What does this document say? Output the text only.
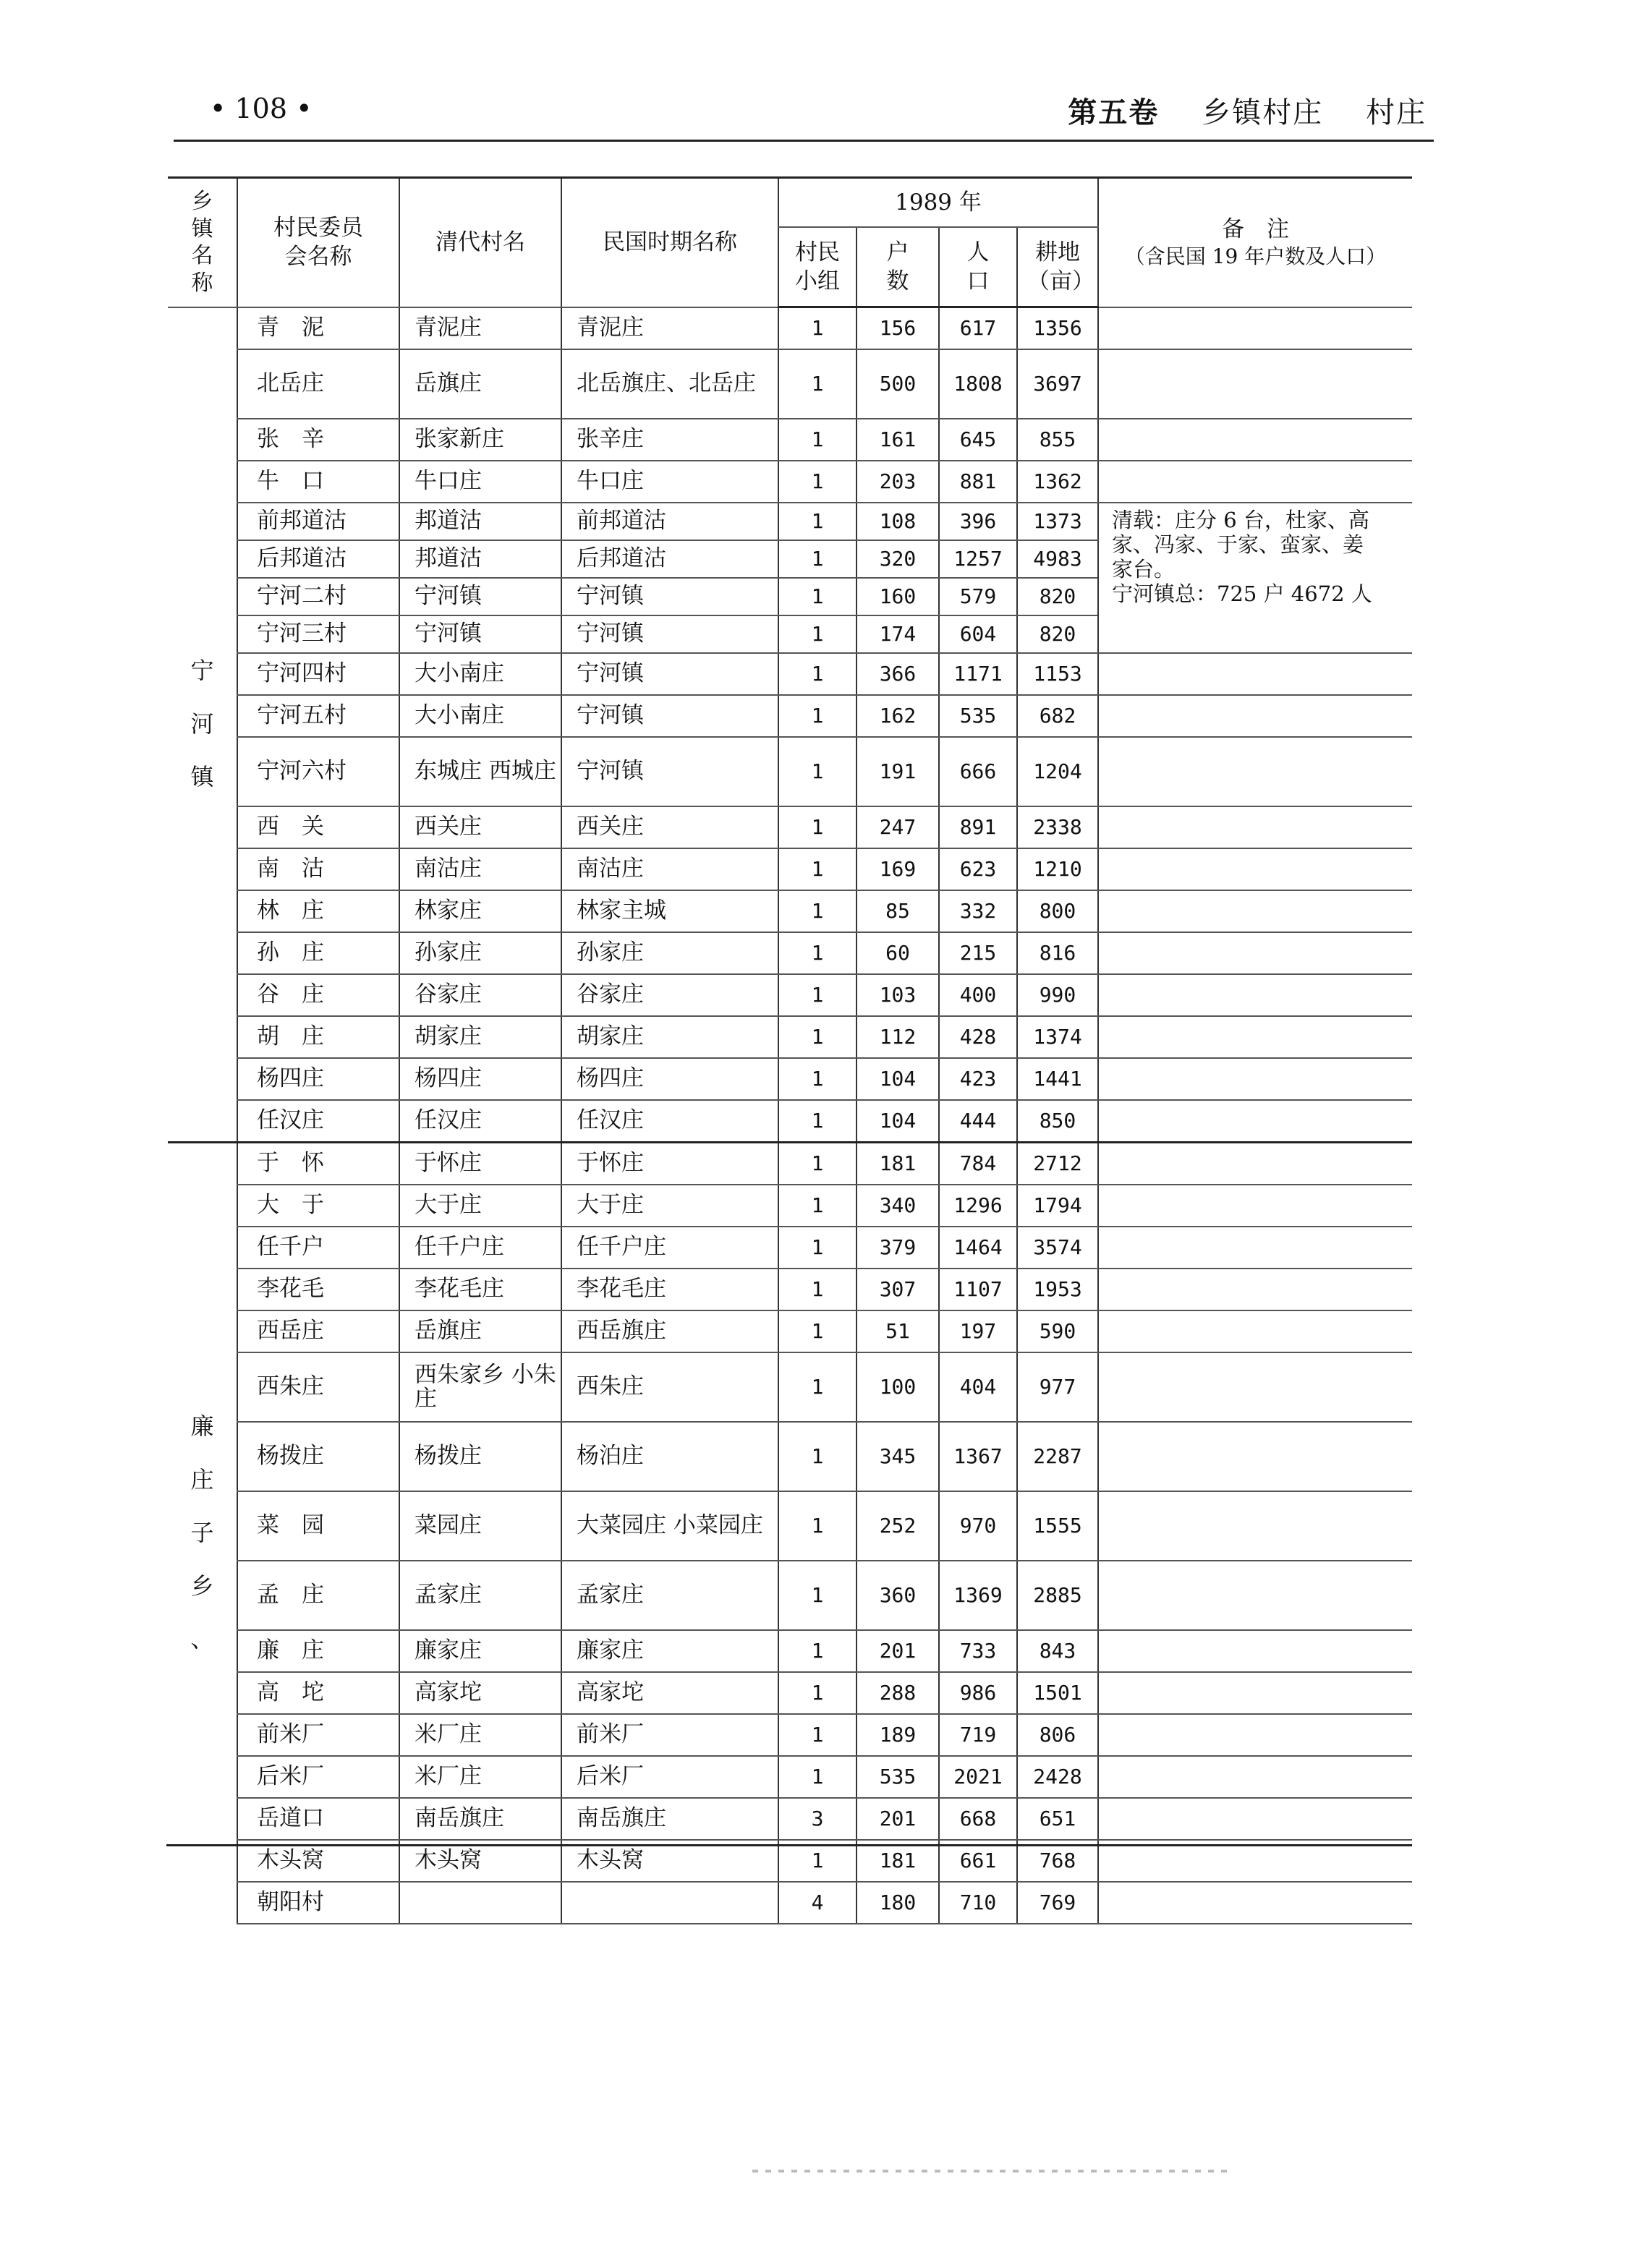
• 108 •	第五卷 乡镇村庄 村庄
乡镇名称	村民委员会名称	清代村名	民国时期名称	1989 年				备　注
（含民国 19 年户数及人口）

				村民小组	户数	人口	耕地（亩）	

宁
河
镇	青　泥	青泥庄	青泥庄	1	156	617	1356	
	北岳庄	岳旗庄	北岳旗庄、北岳庄	1	500	1808	3697	
	张　辛	张家新庄	张辛庄	1	161	645	855	
	牛　口	牛口庄	牛口庄	1	203	881	1362	
	前邦道沽	邦道沽	前邦道沽	1	108	396	1373	清载：庄分 6 台，杜家、高
家、冯家、于家、蛮家、姜
家台。
宁河镇总：725 户 4672 人

	后邦道沽	邦道沽	后邦道沽	1	320	1257	4983	
	宁河二村	宁河镇	宁河镇	1	160	579	820	
	宁河三村	宁河镇	宁河镇	1	174	604	820	
	宁河四村	大小南庄	宁河镇	1	366	1171	1153	
	宁河五村	大小南庄	宁河镇	1	162	535	682	
	宁河六村	东城庄 西城庄	宁河镇	1	191	666	1204	
	西　关	西关庄	西关庄	1	247	891	2338	
	南　沽	南沽庄	南沽庄	1	169	623	1210	
	林　庄	林家庄	林家主城	1	85	332	800	
	孙　庄	孙家庄	孙家庄	1	60	215	816	
	谷　庄	谷家庄	谷家庄	1	103	400	990	
	胡　庄	胡家庄	胡家庄	1	112	428	1374	
	杨四庄	杨四庄	杨四庄	1	104	423	1441	
	任汉庄	任汉庄	任汉庄	1	104	444	850	

廉
庄
子
乡
、	于　怀	于怀庄	于怀庄	1	181	784	2712	
	大　于	大于庄	大于庄	1	340	1296	1794	
	任千户	任千户庄	任千户庄	1	379	1464	3574	
	李花毛	李花毛庄	李花毛庄	1	307	1107	1953	
	西岳庄	岳旗庄	西岳旗庄	1	51	197	590	
	西朱庄	西朱家乡 小朱庄	西朱庄	1	100	404	977	
	杨拨庄	杨拨庄	杨泊庄	1	345	1367	2287	
	菜　园	菜园庄	大菜园庄 小菜园庄	1	252	970	1555	
	孟　庄	孟家庄	孟家庄	1	360	1369	2885	
	廉　庄	廉家庄	廉家庄	1	201	733	843	
	高　坨	高家坨	高家坨	1	288	986	1501	
	前米厂	米厂庄	前米厂	1	189	719	806	
	后米厂	米厂庄	后米厂	1	535	2021	2428	
	岳道口	南岳旗庄	南岳旗庄	3	201	668	651	
	木头窝	木头窝	木头窝	1	181	661	768	
	朝阳村			4	180	710	769	
